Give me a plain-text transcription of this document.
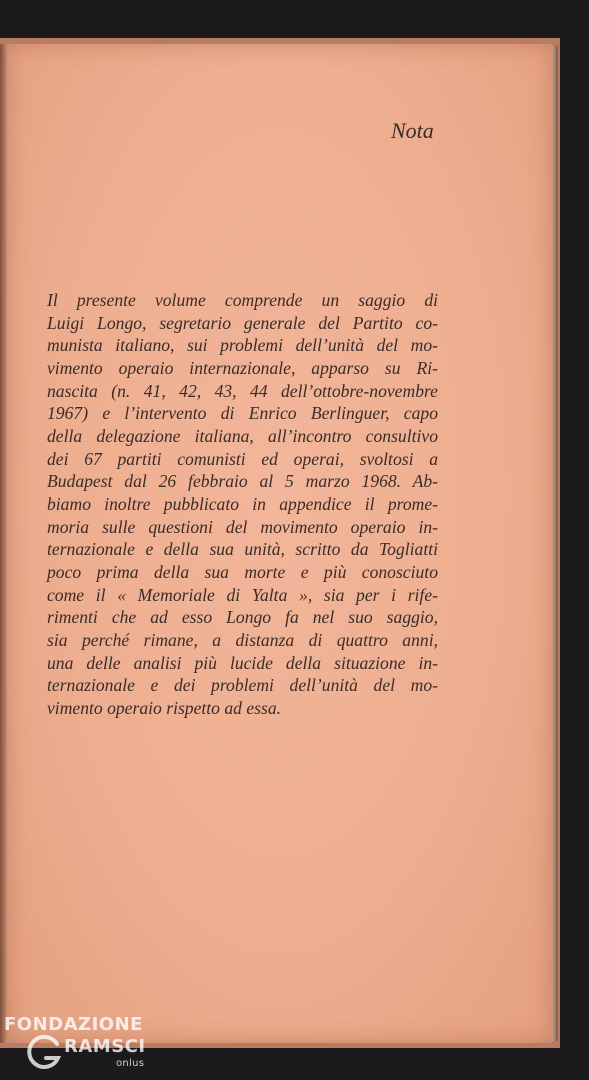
Nota
Il presente volume comprende un saggio di
Luigi Longo, segretario generale del Partito co-
munista italiano, sui problemi dell’unità del mo-
vimento operaio internazionale, apparso su Ri-
nascita (n. 41, 42, 43, 44 dell’ottobre-novembre
1967) e l’intervento di Enrico Berlinguer, capo
della delegazione italiana, all’incontro consultivo
dei 67 partiti comunisti ed operai, svoltosi a
Budapest dal 26 febbraio al 5 marzo 1968. Ab-
biamo inoltre pubblicato in appendice il prome-
moria sulle questioni del movimento operaio in-
ternazionale e della sua unità, scritto da Togliatti
poco prima della sua morte e più conosciuto
come il « Memoriale di Yalta », sia per i rife-
rimenti che ad esso Longo fa nel suo saggio,
sia perché rimane, a distanza di quattro anni,
una delle analisi più lucide della situazione in-
ternazionale e dei problemi dell’unità del mo-
vimento operaio rispetto ad essa.
FONDAZIONE
RAMSCI
onlus
